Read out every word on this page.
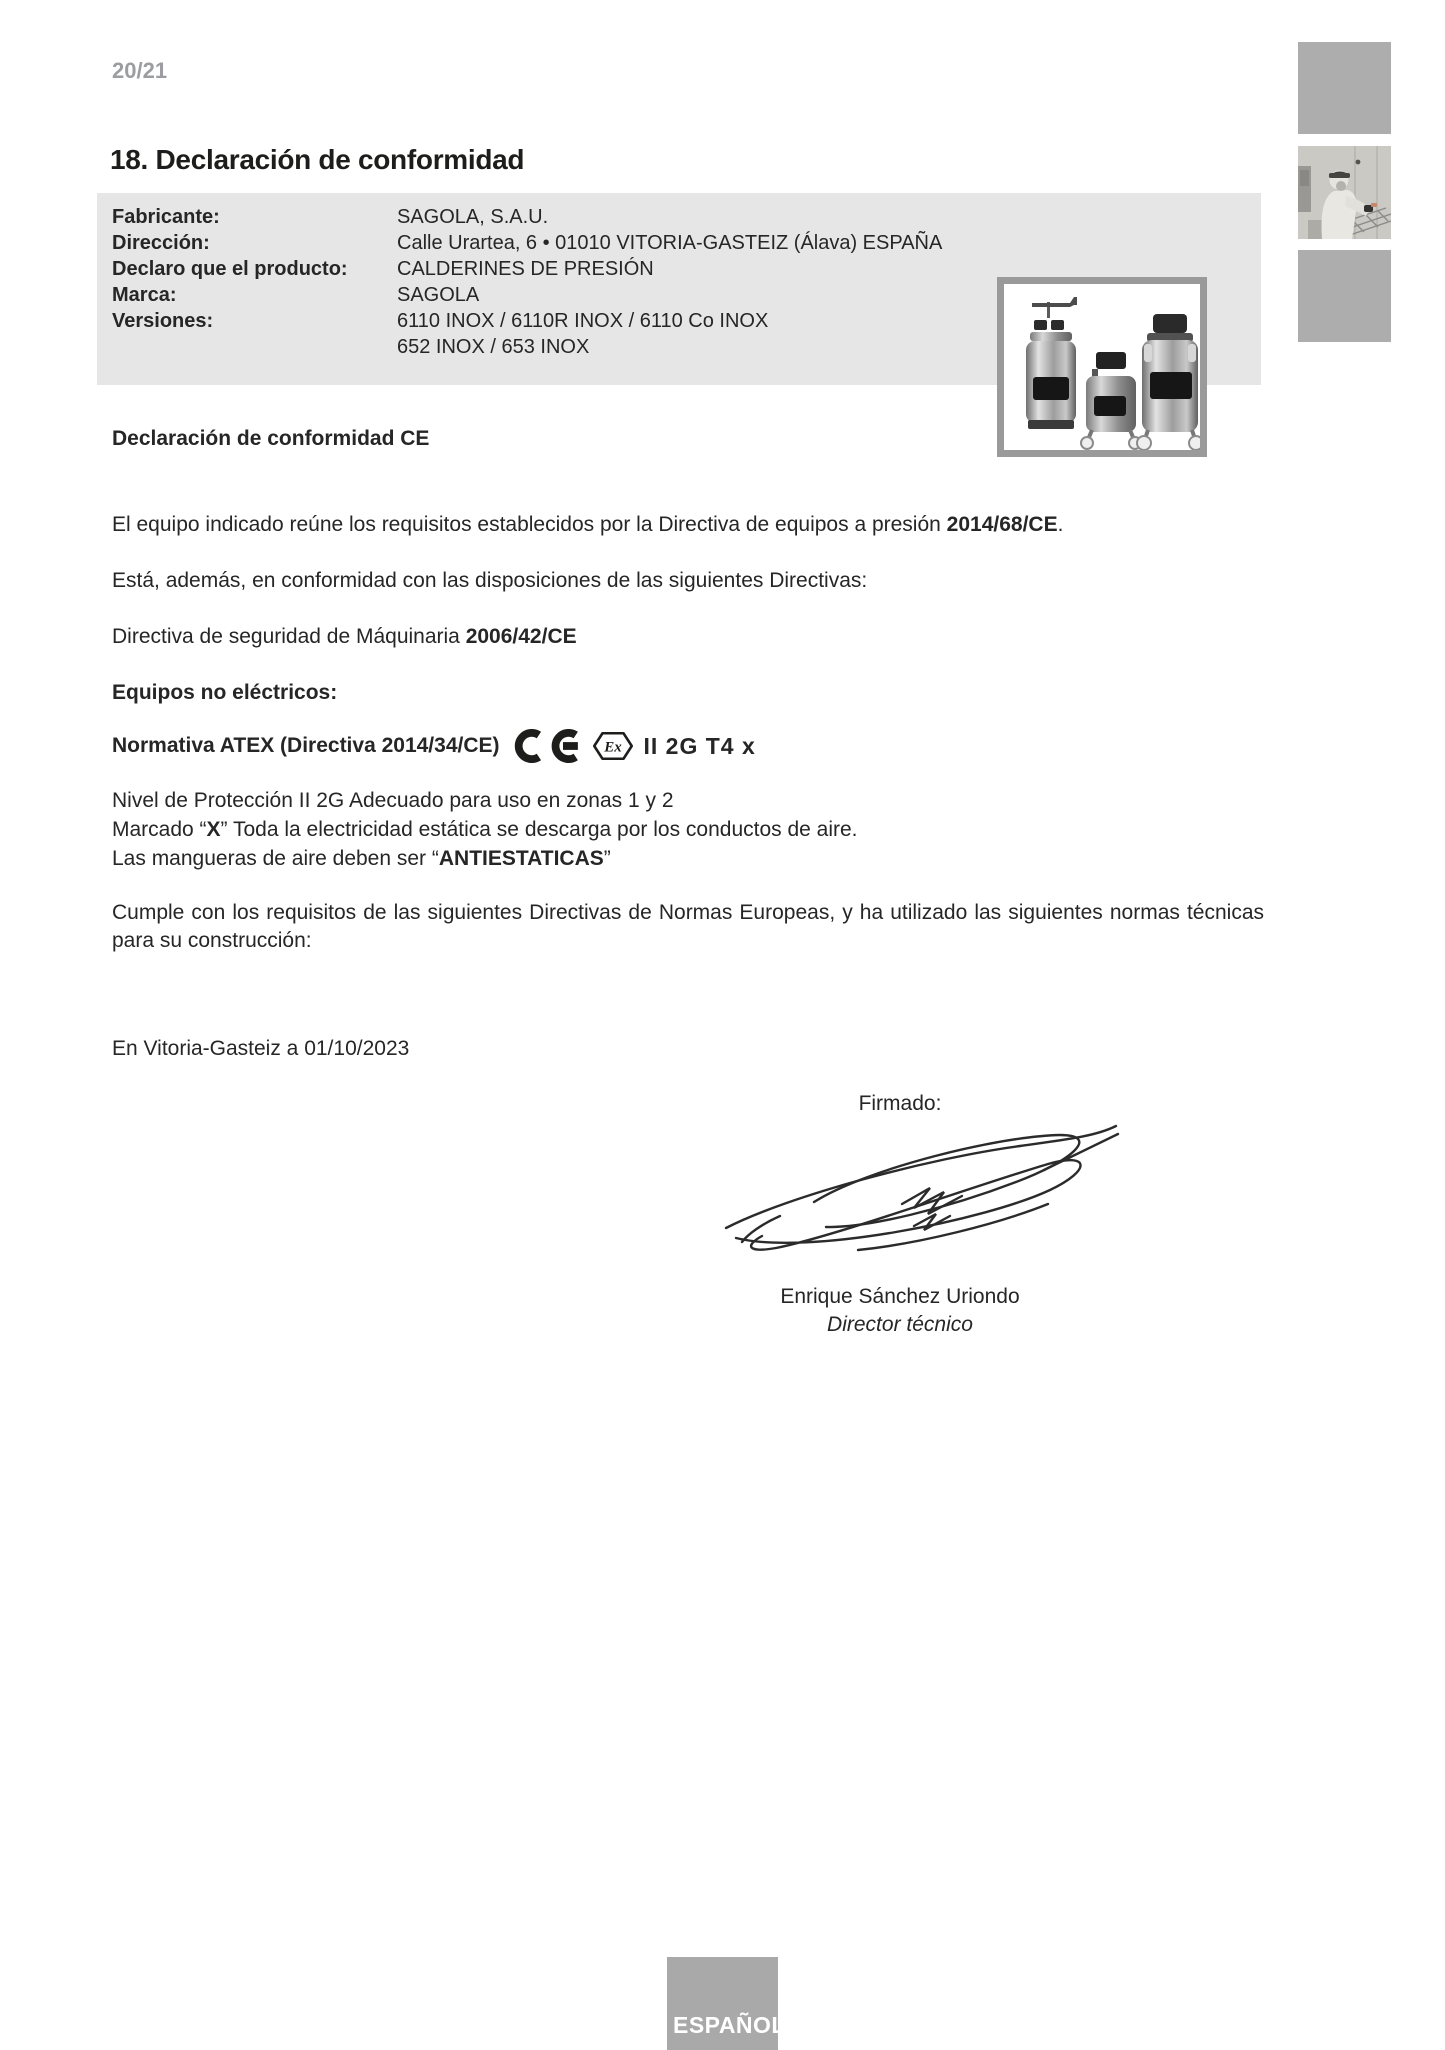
20/21
18. Declaración de conformidad
Fabricante:	SAGOLA, S.A.U.
Dirección:	Calle Urartea, 6 • 01010 VITORIA-GASTEIZ (Álava) ESPAÑA
Declaro que el producto:	CALDERINES DE PRESIÓN
Marca:	SAGOLA
Versiones:	6110 INOX / 6110R INOX / 6110 Co INOX
652 INOX / 653 INOX
Declaración de conformidad CE
El equipo indicado reúne los requisitos establecidos por la Directiva de equipos a presión 2014/68/CE.
Está, además, en conformidad con las disposiciones de las siguientes Directivas:
Directiva de seguridad de Máquinaria 2006/42/CE
Equipos no eléctricos:
Normativa ATEX (Directiva 2014/34/CE)	Ex II 2G T4 x
Nivel de Protección II 2G Adecuado para uso en zonas 1 y 2
Marcado “X” Toda la electricidad estática se descarga por los conductos de aire.
Las mangueras de aire deben ser “ANTIESTATICAS”
Cumple con los requisitos de las siguientes Directivas de Normas Europeas, y ha utilizado las siguientes normas técnicas para su construcción:
En Vitoria-Gasteiz a 01/10/2023
Firmado:
Enrique Sánchez Uriondo
Director técnico
ESPAÑOL
